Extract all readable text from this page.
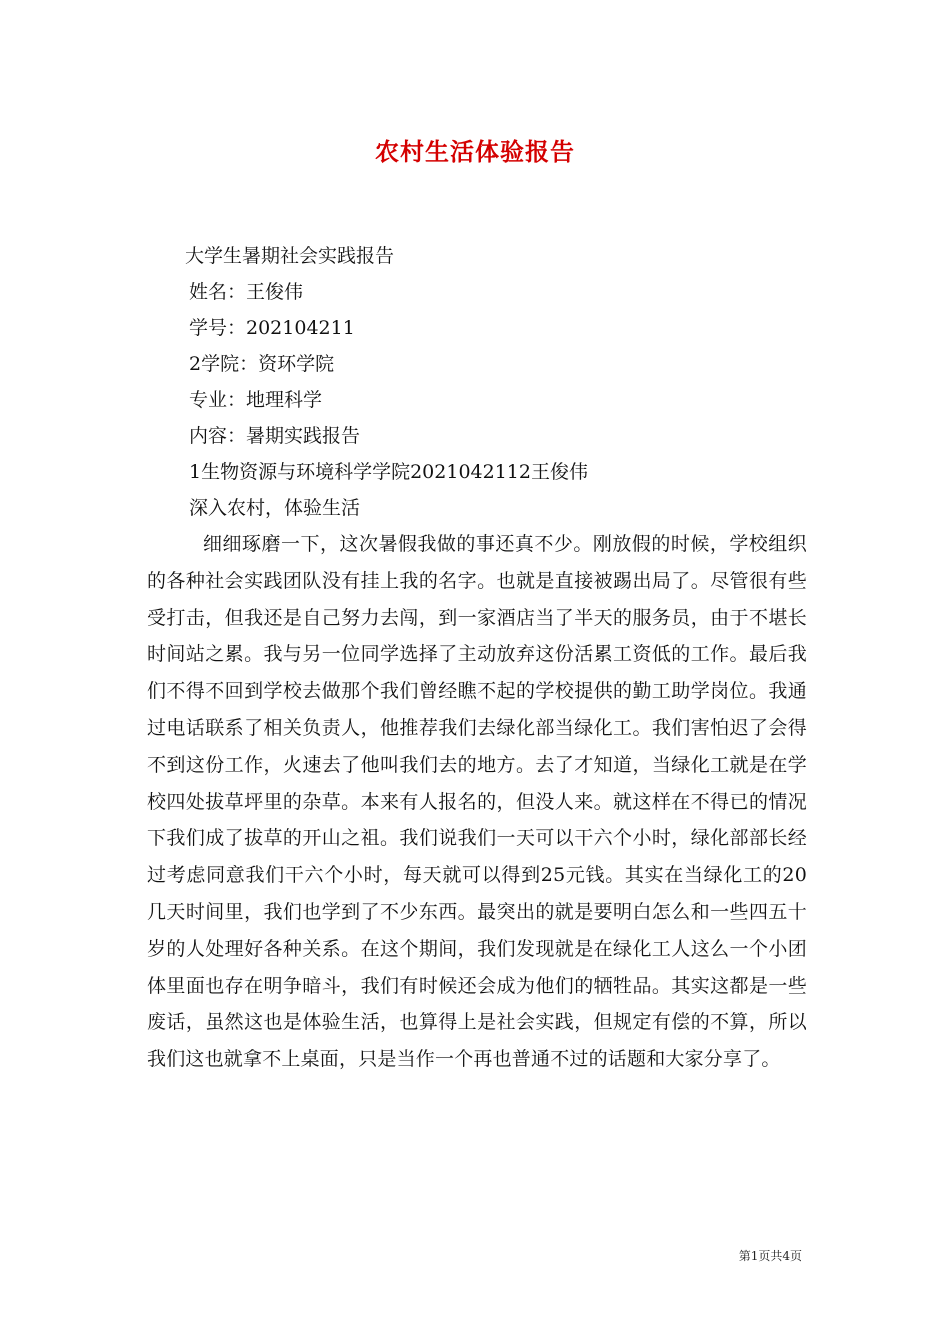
农村生活体验报告

大学生暑期社会实践报告

姓名：王俊伟

学号：202104211

2学院：资环学院

专业：地理科学

内容：暑期实践报告

1生物资源与环境科学学院2021042112王俊伟

深入农村，体验生活

细细琢磨一下，这次暑假我做的事还真不少。刚放假的时候，学校组织的各种社会实践团队没有挂上我的名字。也就是直接被踢出局了。尽管很有些受打击，但我还是自己努力去闯，到一家酒店当了半天的服务员，由于不堪长时间站之累。我与另一位同学选择了主动放弃这份活累工资低的工作。最后我们不得不回到学校去做那个我们曾经瞧不起的学校提供的勤工助学岗位。我通过电话联系了相关负责人，他推荐我们去绿化部当绿化工。我们害怕迟了会得不到这份工作，火速去了他叫我们去的地方。去了才知道，当绿化工就是在学校四处拔草坪里的杂草。本来有人报名的，但没人来。就这样在不得已的情况下我们成了拔草的开山之祖。我们说我们一天可以干六个小时，绿化部部长经过考虑同意我们干六个小时，每天就可以得到25元钱。其实在当绿化工的20几天时间里，我们也学到了不少东西。最突出的就是要明白怎么和一些四五十岁的人处理好各种关系。在这个期间，我们发现就是在绿化工人这么一个小团体里面也存在明争暗斗，我们有时候还会成为他们的牺牲品。其实这都是一些废话，虽然这也是体验生活，也算得上是社会实践，但规定有偿的不算，所以我们这也就拿不上桌面，只是当作一个再也普通不过的话题和大家分享了。

第1页共4页
